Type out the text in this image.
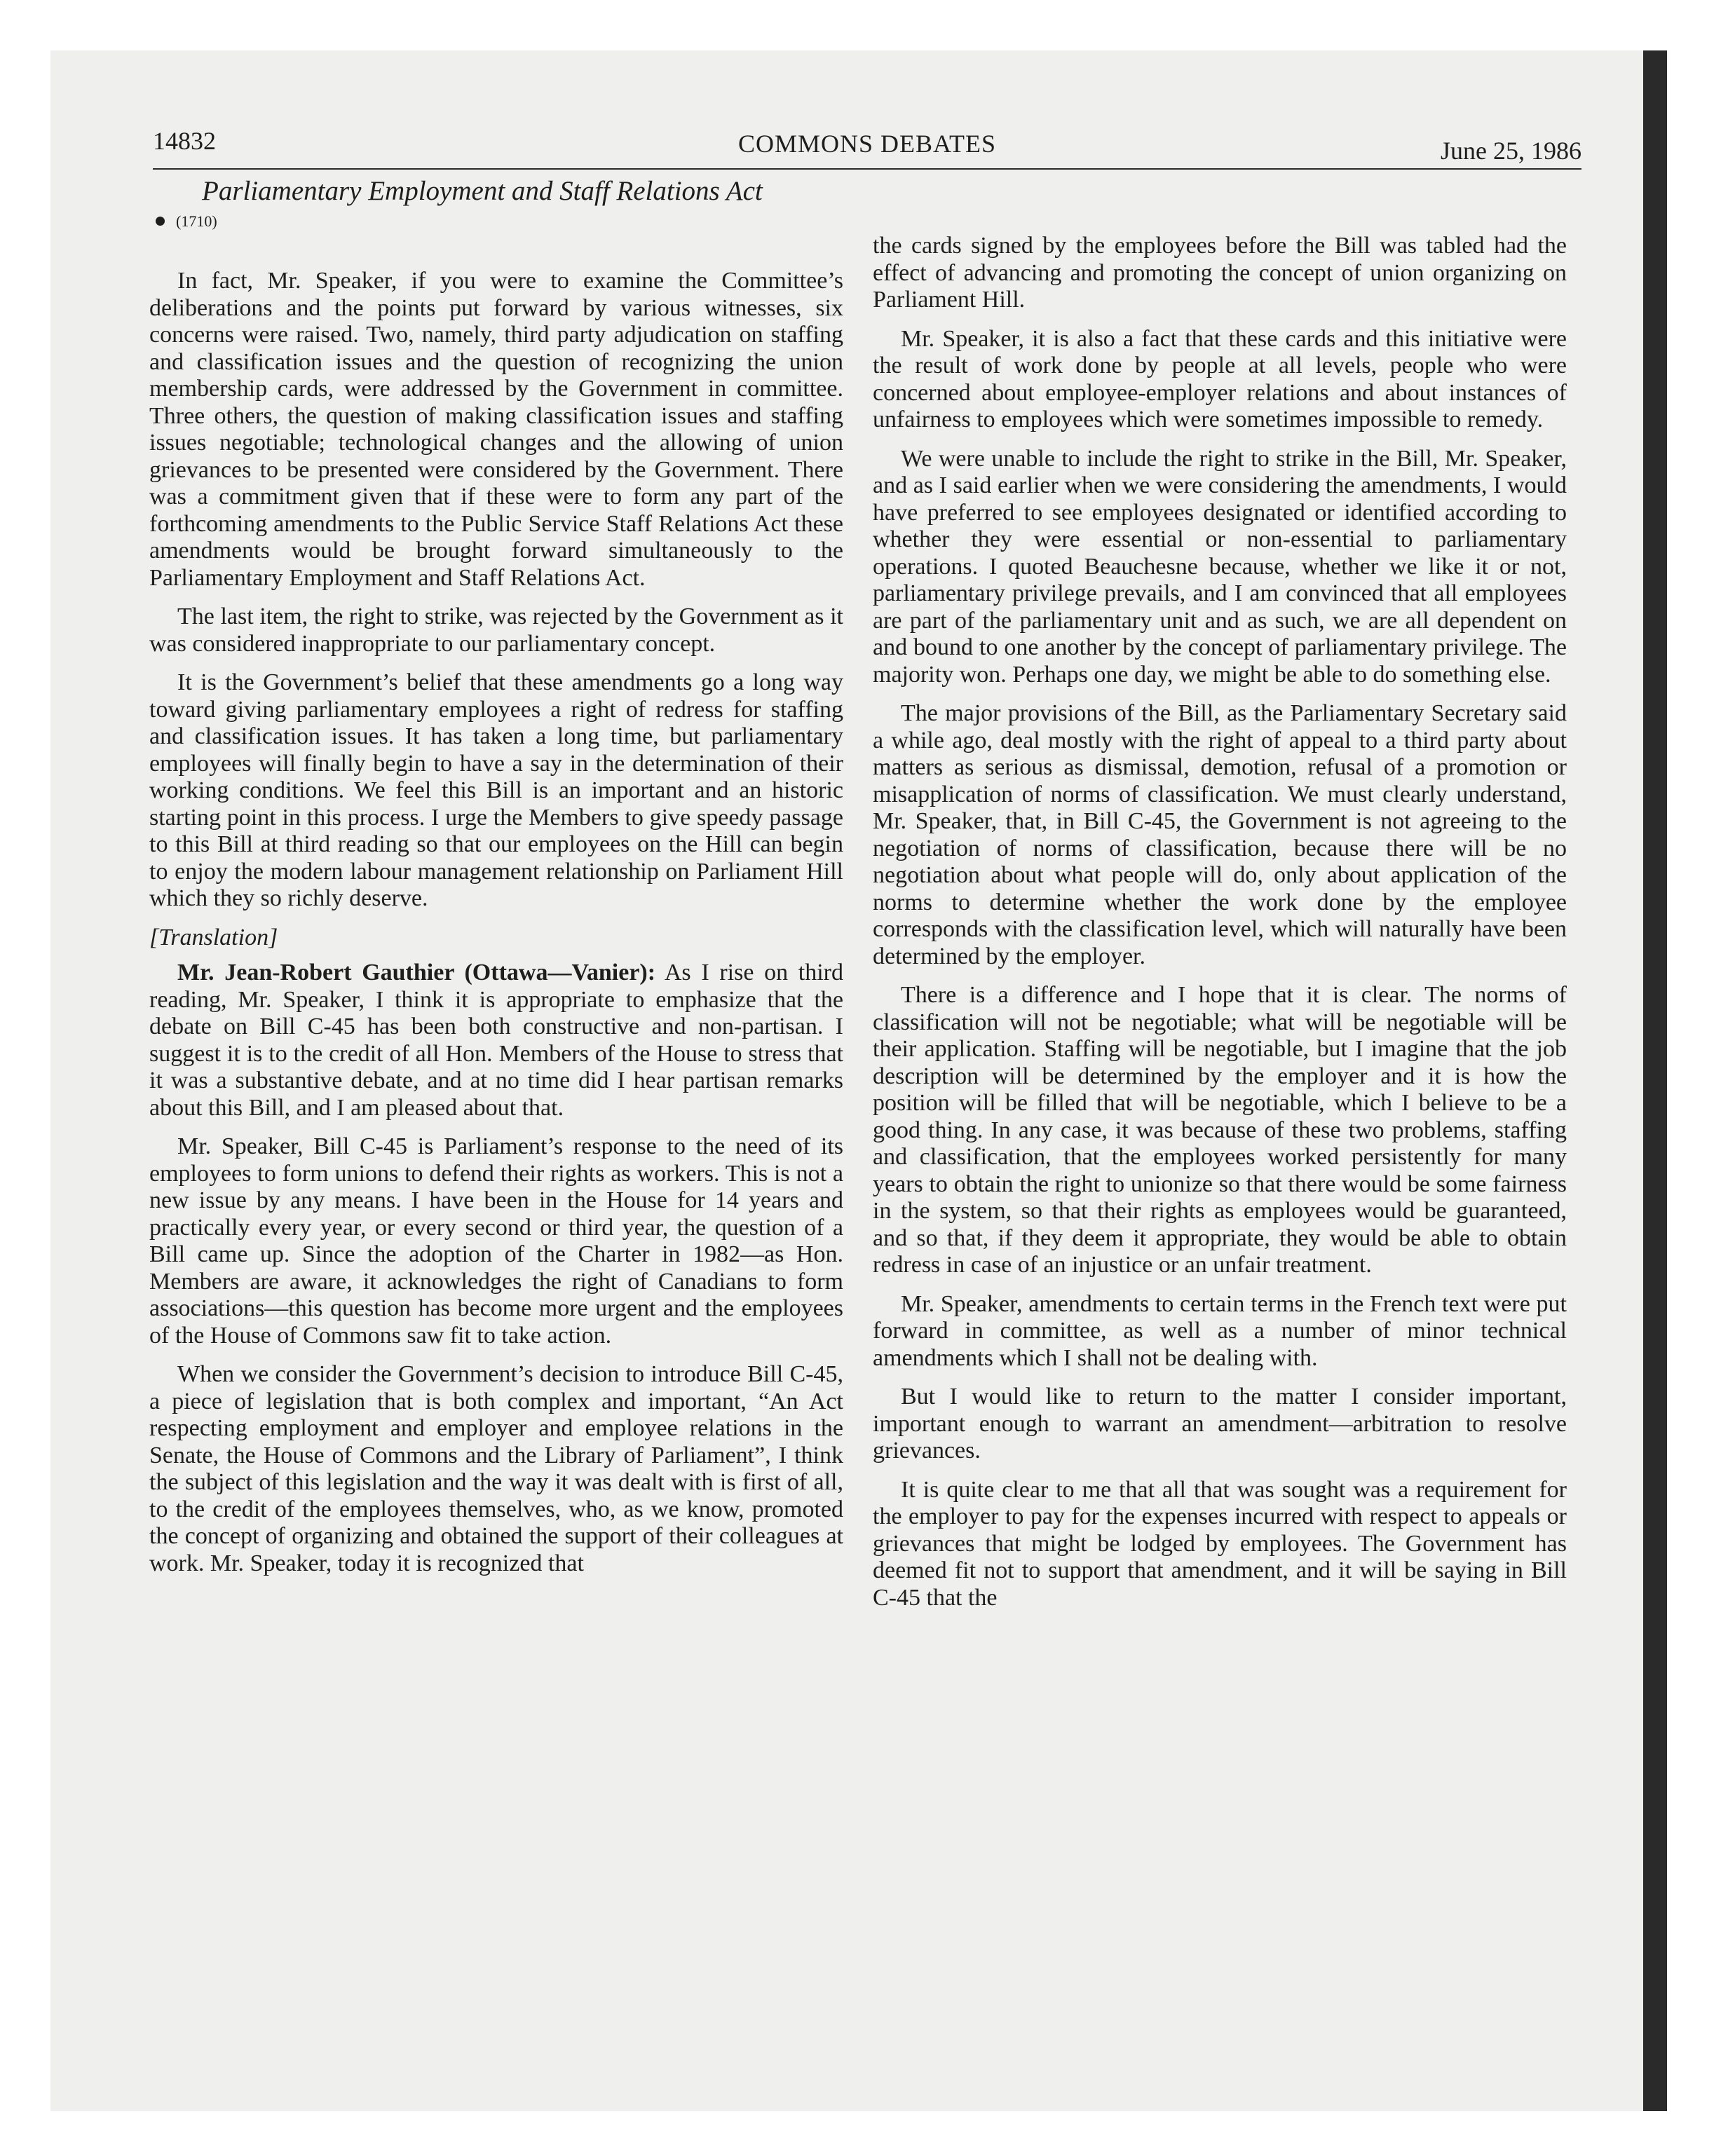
14832	COMMONS DEBATES	June 25, 1986
Parliamentary Employment and Staff Relations Act
(1710)

In fact, Mr. Speaker, if you were to examine the Committee’s deliberations and the points put forward by various witnesses, six concerns were raised. Two, namely, third party adjudication on staffing and classification issues and the question of recognizing the union membership cards, were addressed by the Government in committee. Three others, the question of making classification issues and staffing issues negotiable; technological changes and the allowing of union grievances to be presented were considered by the Government. There was a commitment given that if these were to form any part of the forthcoming amendments to the Public Service Staff Relations Act these amendments would be brought forward simultaneously to the Parliamentary Employment and Staff Relations Act.

The last item, the right to strike, was rejected by the Government as it was considered inappropriate to our parliamentary concept.

It is the Government’s belief that these amendments go a long way toward giving parliamentary employees a right of redress for staffing and classification issues. It has taken a long time, but parliamentary employees will finally begin to have a say in the determination of their working conditions. We feel this Bill is an important and an historic starting point in this process. I urge the Members to give speedy passage to this Bill at third reading so that our employees on the Hill can begin to enjoy the modern labour management relationship on Parliament Hill which they so richly deserve.

[Translation]

Mr. Jean-Robert Gauthier (Ottawa—Vanier): As I rise on third reading, Mr. Speaker, I think it is appropriate to emphasize that the debate on Bill C-45 has been both constructive and non-partisan. I suggest it is to the credit of all Hon. Members of the House to stress that it was a substantive debate, and at no time did I hear partisan remarks about this Bill, and I am pleased about that.

Mr. Speaker, Bill C-45 is Parliament’s response to the need of its employees to form unions to defend their rights as workers. This is not a new issue by any means. I have been in the House for 14 years and practically every year, or every second or third year, the question of a Bill came up. Since the adoption of the Charter in 1982—as Hon. Members are aware, it acknowledges the right of Canadians to form associations—this question has become more urgent and the employees of the House of Commons saw fit to take action.

When we consider the Government’s decision to introduce Bill C-45, a piece of legislation that is both complex and important, “An Act respecting employment and employer and employee relations in the Senate, the House of Commons and the Library of Parliament”, I think the subject of this legislation and the way it was dealt with is first of all, to the credit of the employees themselves, who, as we know, promoted the concept of organizing and obtained the support of their colleagues at work. Mr. Speaker, today it is recognized that

the cards signed by the employees before the Bill was tabled had the effect of advancing and promoting the concept of union organizing on Parliament Hill.

Mr. Speaker, it is also a fact that these cards and this initiative were the result of work done by people at all levels, people who were concerned about employee-employer relations and about instances of unfairness to employees which were sometimes impossible to remedy.

We were unable to include the right to strike in the Bill, Mr. Speaker, and as I said earlier when we were considering the amendments, I would have preferred to see employees designated or identified according to whether they were essential or non-essential to parliamentary operations. I quoted Beauchesne because, whether we like it or not, parliamentary privilege prevails, and I am convinced that all employees are part of the parliamentary unit and as such, we are all dependent on and bound to one another by the concept of parliamentary privilege. The majority won. Perhaps one day, we might be able to do something else.

The major provisions of the Bill, as the Parliamentary Secretary said a while ago, deal mostly with the right of appeal to a third party about matters as serious as dismissal, demotion, refusal of a promotion or misapplication of norms of classification. We must clearly understand, Mr. Speaker, that, in Bill C-45, the Government is not agreeing to the negotiation of norms of classification, because there will be no negotiation about what people will do, only about application of the norms to determine whether the work done by the employee corresponds with the classification level, which will naturally have been determined by the employer.

There is a difference and I hope that it is clear. The norms of classification will not be negotiable; what will be negotiable will be their application. Staffing will be negotiable, but I imagine that the job description will be determined by the employer and it is how the position will be filled that will be negotiable, which I believe to be a good thing. In any case, it was because of these two problems, staffing and classification, that the employees worked persistently for many years to obtain the right to unionize so that there would be some fairness in the system, so that their rights as employees would be guaranteed, and so that, if they deem it appropriate, they would be able to obtain redress in case of an injustice or an unfair treatment.

Mr. Speaker, amendments to certain terms in the French text were put forward in committee, as well as a number of minor technical amendments which I shall not be dealing with.

But I would like to return to the matter I consider important, important enough to warrant an amendment—arbitration to resolve grievances.

It is quite clear to me that all that was sought was a requirement for the employer to pay for the expenses incurred with respect to appeals or grievances that might be lodged by employees. The Government has deemed fit not to support that amendment, and it will be saying in Bill C-45 that the
